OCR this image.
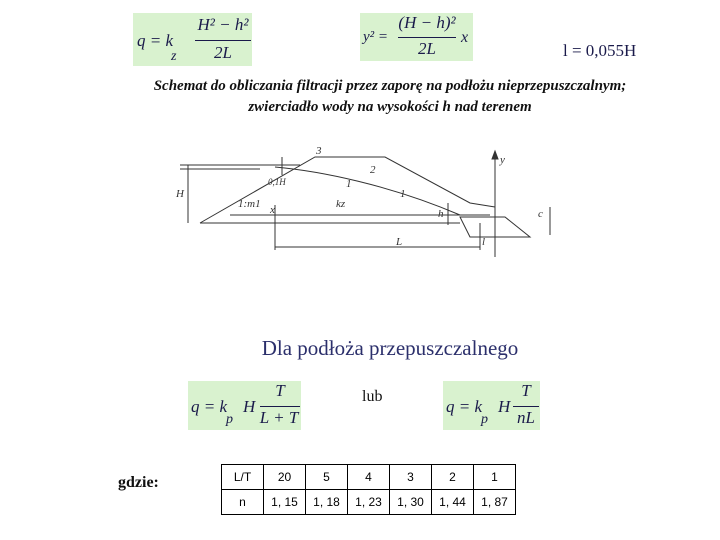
q = k
z
H² − h²
2L
y² =
(H − h)²
2L
x
l = 0,055H
Schemat do obliczania filtracji przez zaporę na podłożu nieprzepuszczalnym;
zwierciadło wody na wysokości h nad terenem
3
2
1
1
y
x
H
0,1H
h
1:m1	kz
L	l
c
Dla podłoża przepuszczalnego
q = k
p
H
T
L + T
lub
q = k
p
H
T
nL
gdzie:	L/T	20	5	4	3	2	1
n	1, 15	1, 18	1, 23	1, 30	1, 44	1, 87
